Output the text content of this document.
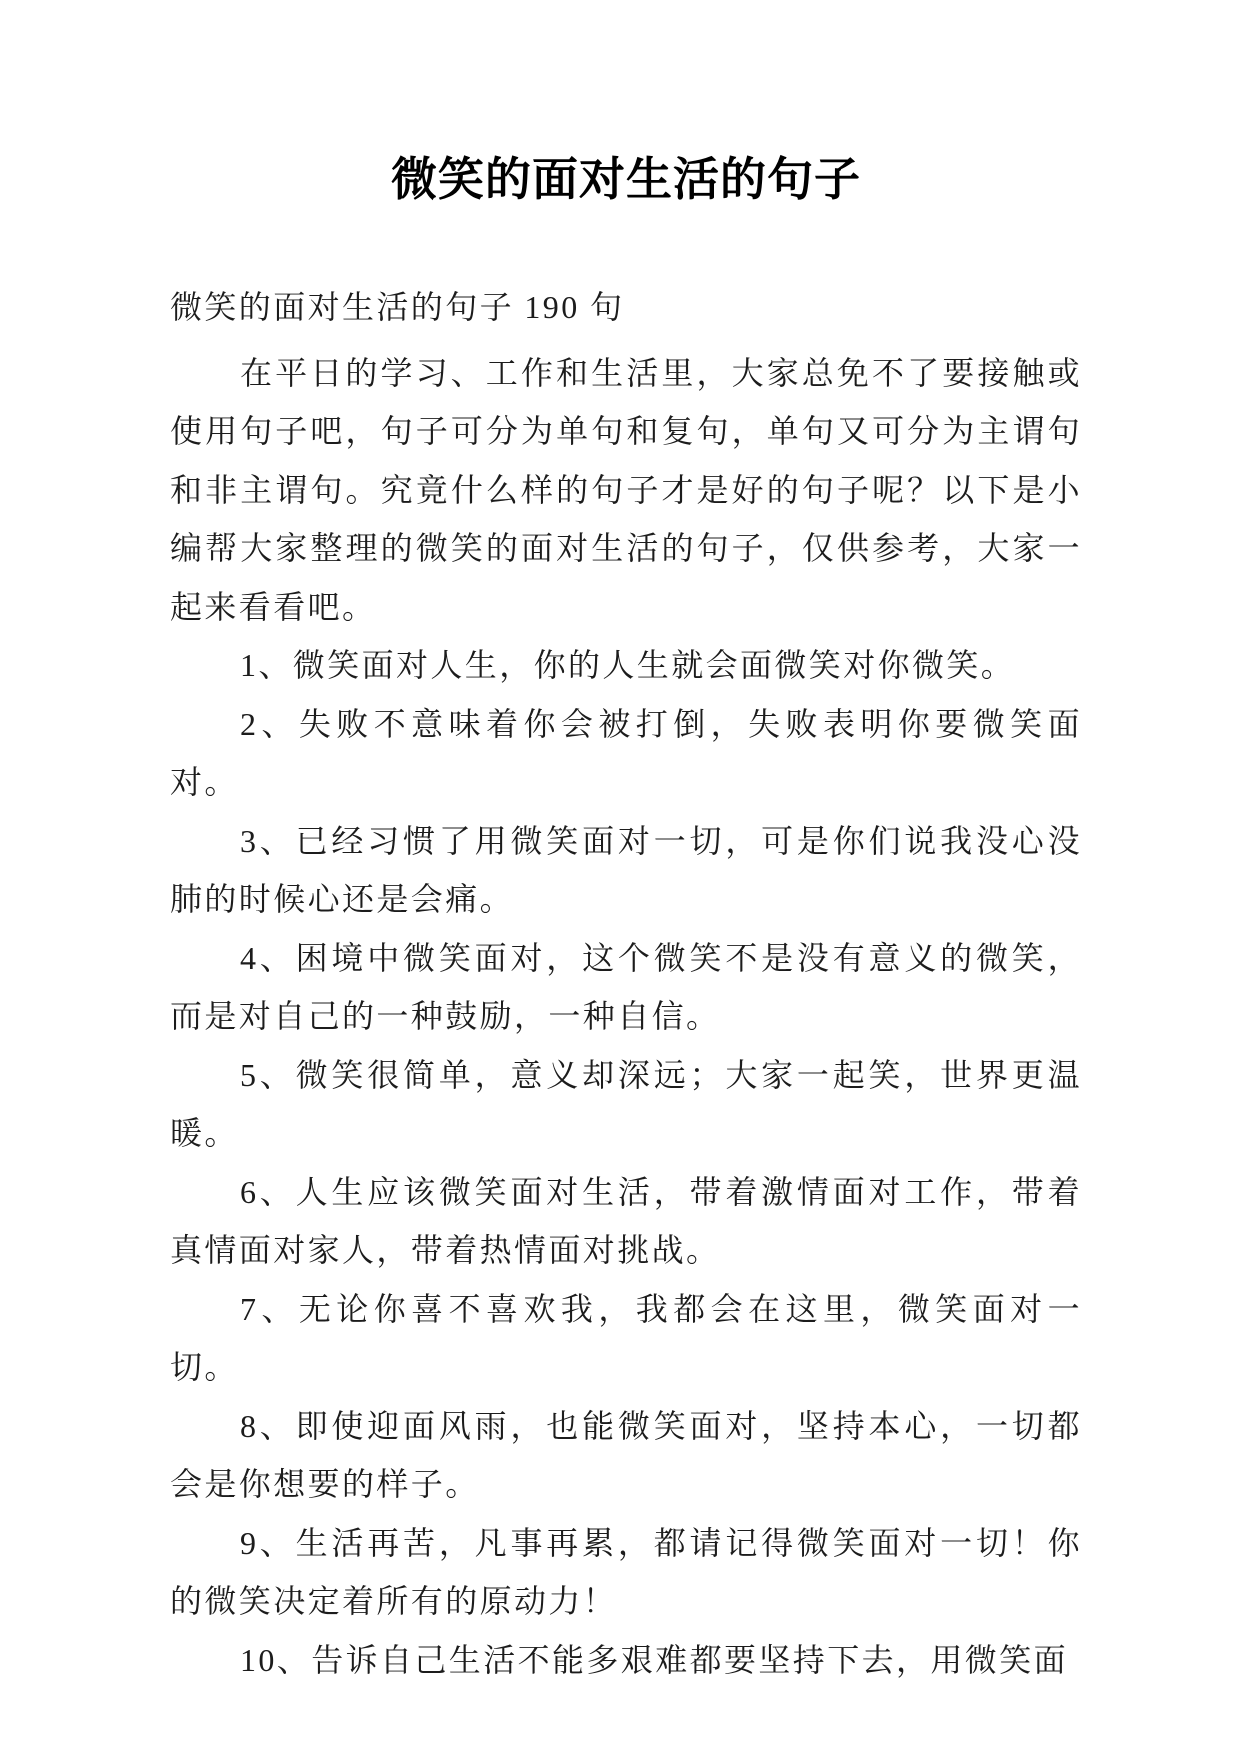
微笑的面对生活的句子

微笑的面对生活的句子 190 句

在平日的学习、工作和生活里，大家总免不了要接触或使用句子吧，句子可分为单句和复句，单句又可分为主谓句和非主谓句。究竟什么样的句子才是好的句子呢？以下是小编帮大家整理的微笑的面对生活的句子，仅供参考，大家一起来看看吧。

1、微笑面对人生，你的人生就会面微笑对你微笑。

2、失败不意味着你会被打倒，失败表明你要微笑面对。

3、已经习惯了用微笑面对一切，可是你们说我没心没肺的时候心还是会痛。

4、困境中微笑面对，这个微笑不是没有意义的微笑，而是对自己的一种鼓励，一种自信。

5、微笑很简单，意义却深远；大家一起笑，世界更温暖。

6、人生应该微笑面对生活，带着激情面对工作，带着真情面对家人，带着热情面对挑战。

7、无论你喜不喜欢我，我都会在这里，微笑面对一切。

8、即使迎面风雨，也能微笑面对，坚持本心，一切都会是你想要的样子。

9、生活再苦，凡事再累，都请记得微笑面对一切！你的微笑决定着所有的原动力！

10、告诉自己生活不能多艰难都要坚持下去，用微笑面
